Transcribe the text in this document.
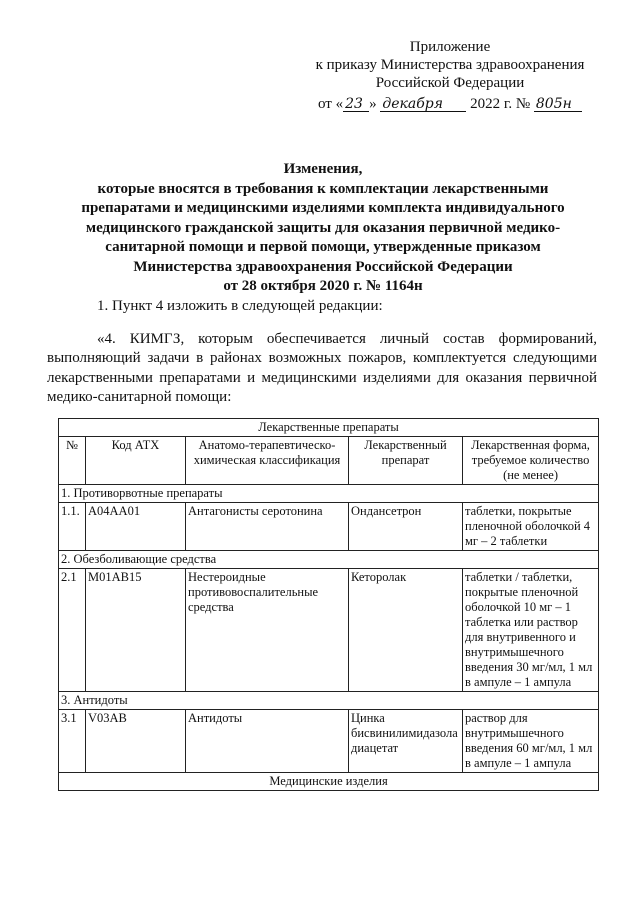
Приложение
к приказу Министерства здравоохранения
Российской Федерации
от « 23 » декабря 2022 г. № 805н
Изменения,
которые вносятся в требования к комплектации лекарственными
препаратами и медицинскими изделиями комплекта индивидуального
медицинского гражданской защиты для оказания первичной медико-
санитарной помощи и первой помощи, утвержденные приказом
Министерства здравоохранения Российской Федерации
от 28 октября 2020 г. № 1164н
1. Пункт 4 изложить в следующей редакции:
«4. КИМГЗ, которым обеспечивается личный состав формирований,
выполняющий задачи в районах возможных пожаров, комплектуется следующими лекарственными препаратами и медицинскими изделиями для оказания первичной медико-санитарной помощи:
Лекарственные препараты				
№	Код АТХ	Анатомо-терапевтическо-химическая классификация	Лекарственный препарат	Лекарственная форма, требуемое количество (не менее)
1. Противорвотные препараты				
1.1.	A04AA01	Антагонисты серотонина	Ондансетрон	таблетки, покрытые пленочной оболочкой 4 мг – 2 таблетки
2. Обезболивающие средства				
2.1	M01AB15	Нестероидные противовоспалительные средства	Кеторолак	таблетки / таблетки, покрытые пленочной оболочкой 10 мг – 1 таблетка или раствор для внутривенного и внутримышечного введения 30 мг/мл, 1 мл в ампуле – 1 ампула
3. Антидоты				
3.1	V03AB	Антидоты	Цинка бисвинилимидазола диацетат	раствор для внутримышечного введения 60 мг/мл, 1 мл в ампуле – 1 ампула
Медицинские изделия				
